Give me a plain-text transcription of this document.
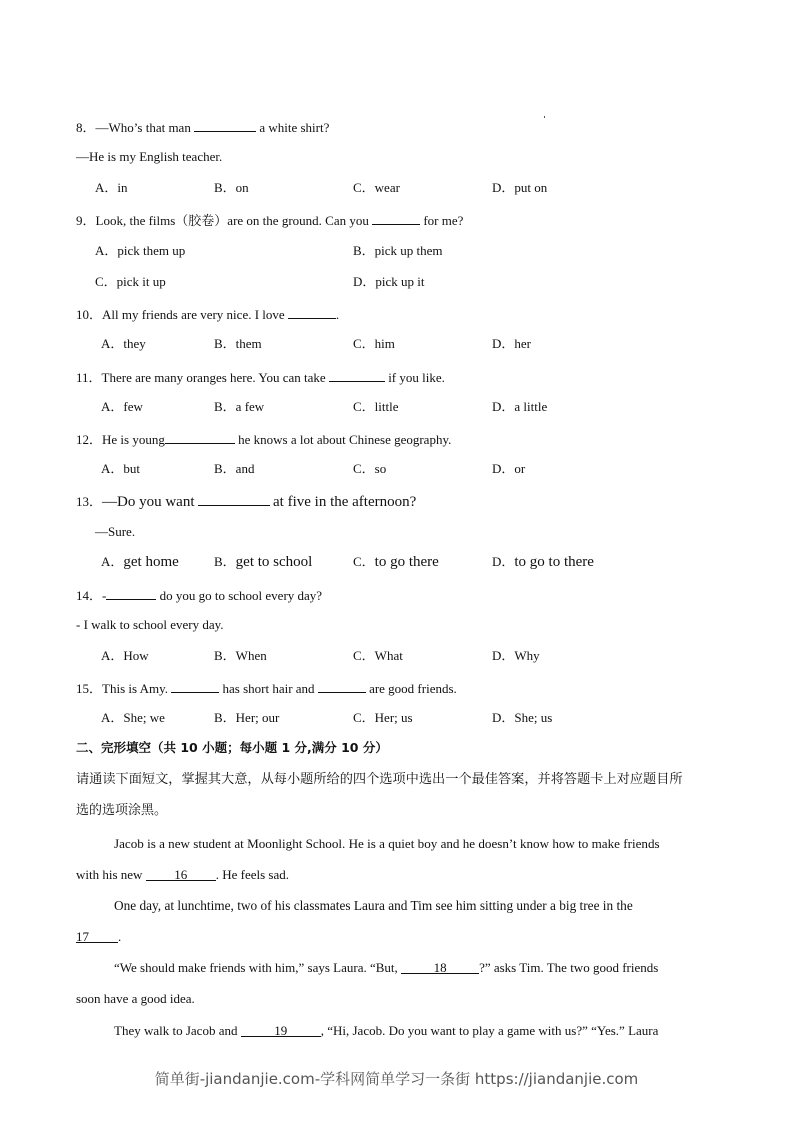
8．—Who’s that man	a white shirt?
—He is my English teacher.
A．in	B．on	C．wear	D．put on
9．Look, the films（胶卷）are on the ground. Can you	for me?
A．pick them up	B．pick up them
C．pick it up	D．pick up it
10．All my friends are very nice. I love	.
A．they	B．them	C．him	D．her
11．There are many oranges here. You can take	if you like.
A．few	B．a few	C．little	D．a little
12．He is young	he knows a lot about Chinese geography.
A．but	B．and	C．so	D．or
13．—Do you want	at five in the afternoon?
—Sure.
A．get home	B．get to school	C．to go there	D．to go to there
14．-	do you go to school every day?
- I walk to school every day.
A．How	B．When	C．What	D．Why
15．This is Amy.	has short hair and	are good friends.
A．She; we	B．Her; our	C．Her; us	D．She; us
二、完形填空（共 10 小题；每小题 1 分,满分 10 分）
请通读下面短文，掌握其大意，从每小题所给的四个选项中选出一个最佳答案，并将答题卡上对应题目所
选的选项涂黑。
Jacob is a new student at Moonlight School. He is a quiet boy and he doesn’t know how to make friends
with his new 16 . He feels sad.
One day, at lunchtime, two of his classmates Laura and Tim see him sitting under a big tree in the
17 .
“We should make friends with him,” says Laura. “But,	18	?” asks Tim. The two good friends
soon have a good idea.
They walk to Jacob and	19	, “Hi, Jacob. Do you want to play a game with us?” “Yes.” Laura
简单街-jiandanjie.com-学科网简单学习一条街 https://jiandanjie.com
